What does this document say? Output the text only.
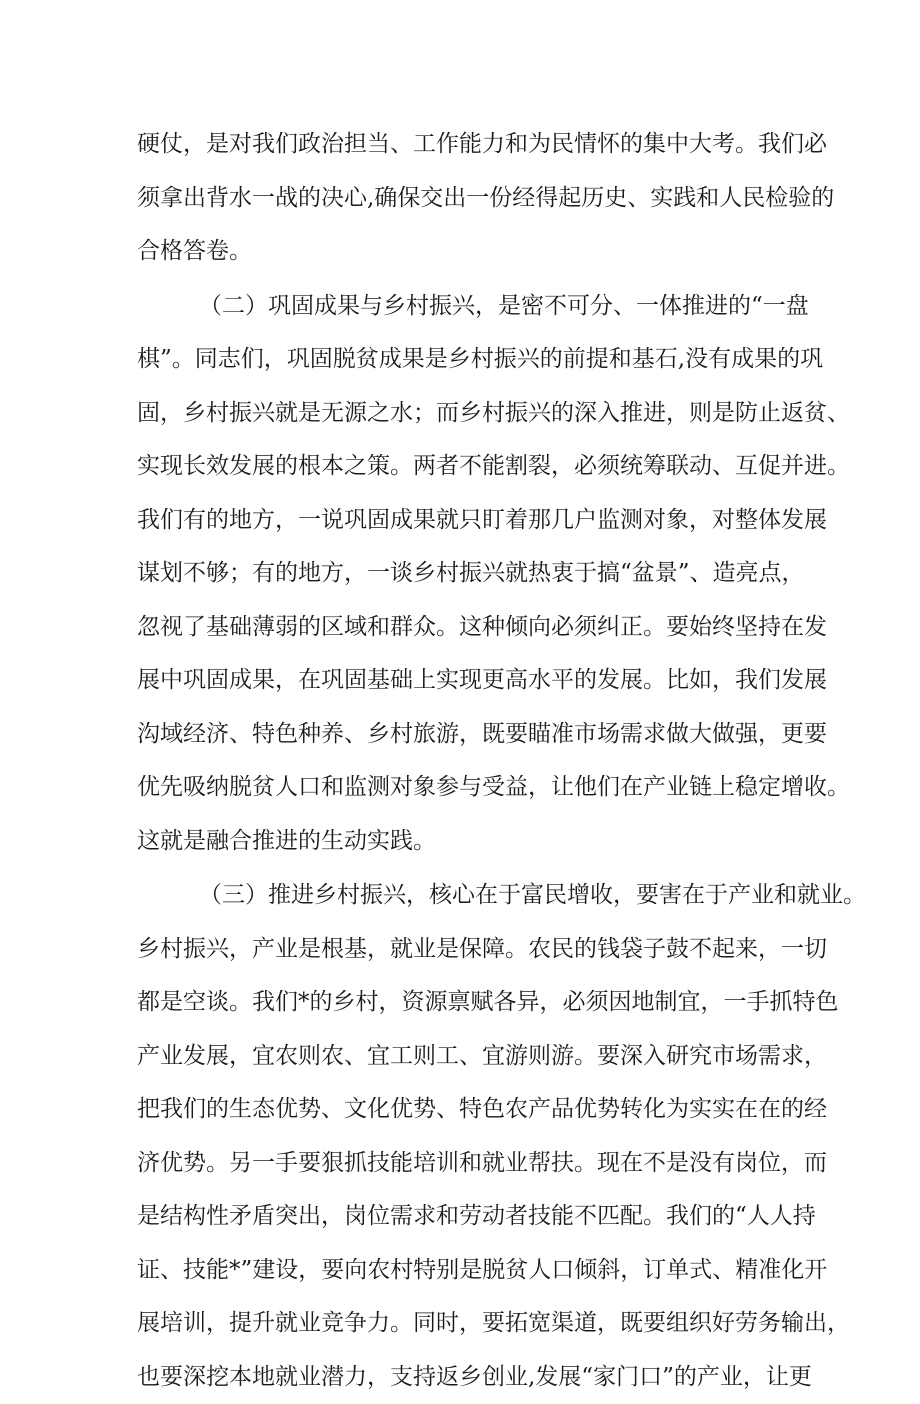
硬仗，是对我们政治担当、工作能力和为民情怀的集中大考。我们必
须拿出背水一战的决心,确保交出一份经得起历史、实践和人民检验的
合格答卷。
（二）巩固成果与乡村振兴，是密不可分、一体推进的“一盘
棋”。同志们，巩固脱贫成果是乡村振兴的前提和基石,没有成果的巩
固，乡村振兴就是无源之水；而乡村振兴的深入推进，则是防止返贫、
实现长效发展的根本之策。两者不能割裂，必须统筹联动、互促并进。
我们有的地方，一说巩固成果就只盯着那几户监测对象，对整体发展
谋划不够；有的地方，一谈乡村振兴就热衷于搞“盆景”、造亮点，
忽视了基础薄弱的区域和群众。这种倾向必须纠正。要始终坚持在发
展中巩固成果，在巩固基础上实现更高水平的发展。比如，我们发展
沟域经济、特色种养、乡村旅游，既要瞄准市场需求做大做强，更要
优先吸纳脱贫人口和监测对象参与受益，让他们在产业链上稳定增收。
这就是融合推进的生动实践。
（三）推进乡村振兴，核心在于富民增收，要害在于产业和就业。
乡村振兴，产业是根基，就业是保障。农民的钱袋子鼓不起来，一切
都是空谈。我们*的乡村，资源禀赋各异，必须因地制宜，一手抓特色
产业发展，宜农则农、宜工则工、宜游则游。要深入研究市场需求，
把我们的生态优势、文化优势、特色农产品优势转化为实实在在的经
济优势。另一手要狠抓技能培训和就业帮扶。现在不是没有岗位，而
是结构性矛盾突出，岗位需求和劳动者技能不匹配。我们的“人人持
证、技能*”建设，要向农村特别是脱贫人口倾斜，订单式、精准化开
展培训，提升就业竞争力。同时，要拓宽渠道，既要组织好劳务输出，
也要深挖本地就业潜力，支持返乡创业,发展“家门口”的产业，让更
